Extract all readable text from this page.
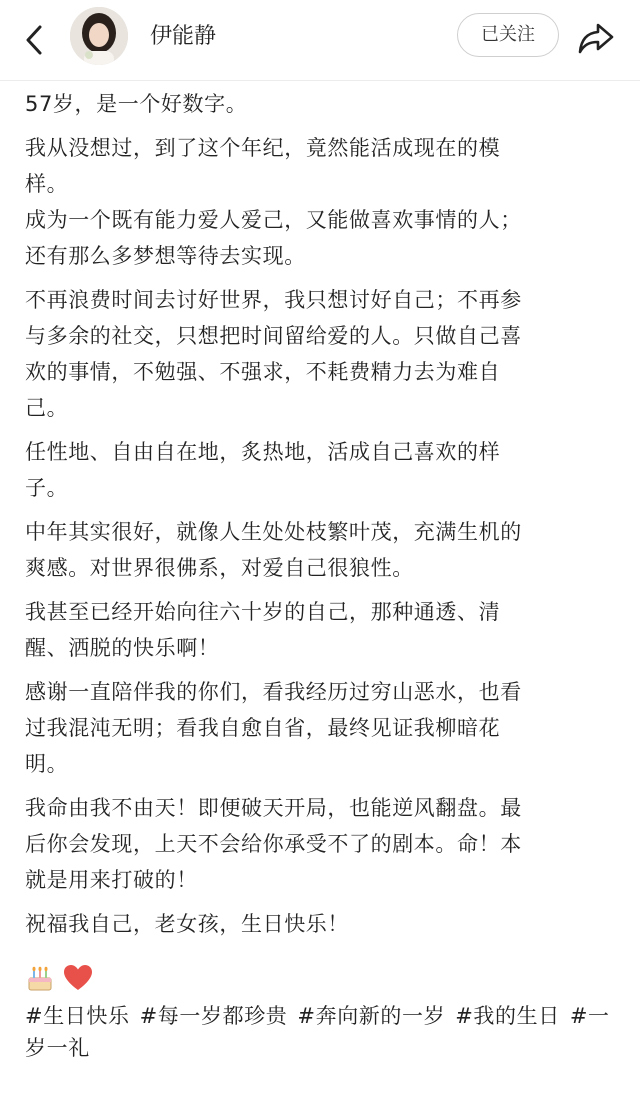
伊能静	已关注

57岁，是一个好数字。

我从没想过，到了这个年纪，竟然能活成现在的模
样。
成为一个既有能力爱人爱己，又能做喜欢事情的人；
还有那么多梦想等待去实现。

不再浪费时间去讨好世界，我只想讨好自己；不再参
与多余的社交，只想把时间留给爱的人。只做自己喜
欢的事情，不勉强、不强求，不耗费精力去为难自
己。

任性地、自由自在地，炙热地，活成自己喜欢的样
子。

中年其实很好，就像人生处处枝繁叶茂，充满生机的
爽感。对世界很佛系，对爱自己很狼性。

我甚至已经开始向往六十岁的自己，那种通透、清
醒、洒脱的快乐啊！

感谢一直陪伴我的你们，看我经历过穷山恶水，也看
过我混沌无明；看我自愈自省，最终见证我柳暗花
明。

我命由我不由天！即便破天开局，也能逆风翻盘。最
后你会发现，上天不会给你承受不了的剧本。命！本
就是用来打破的！

祝福我自己，老女孩，生日快乐！

#生日快乐 #每一岁都珍贵 #奔向新的一岁 #我的生日 #一岁一礼
